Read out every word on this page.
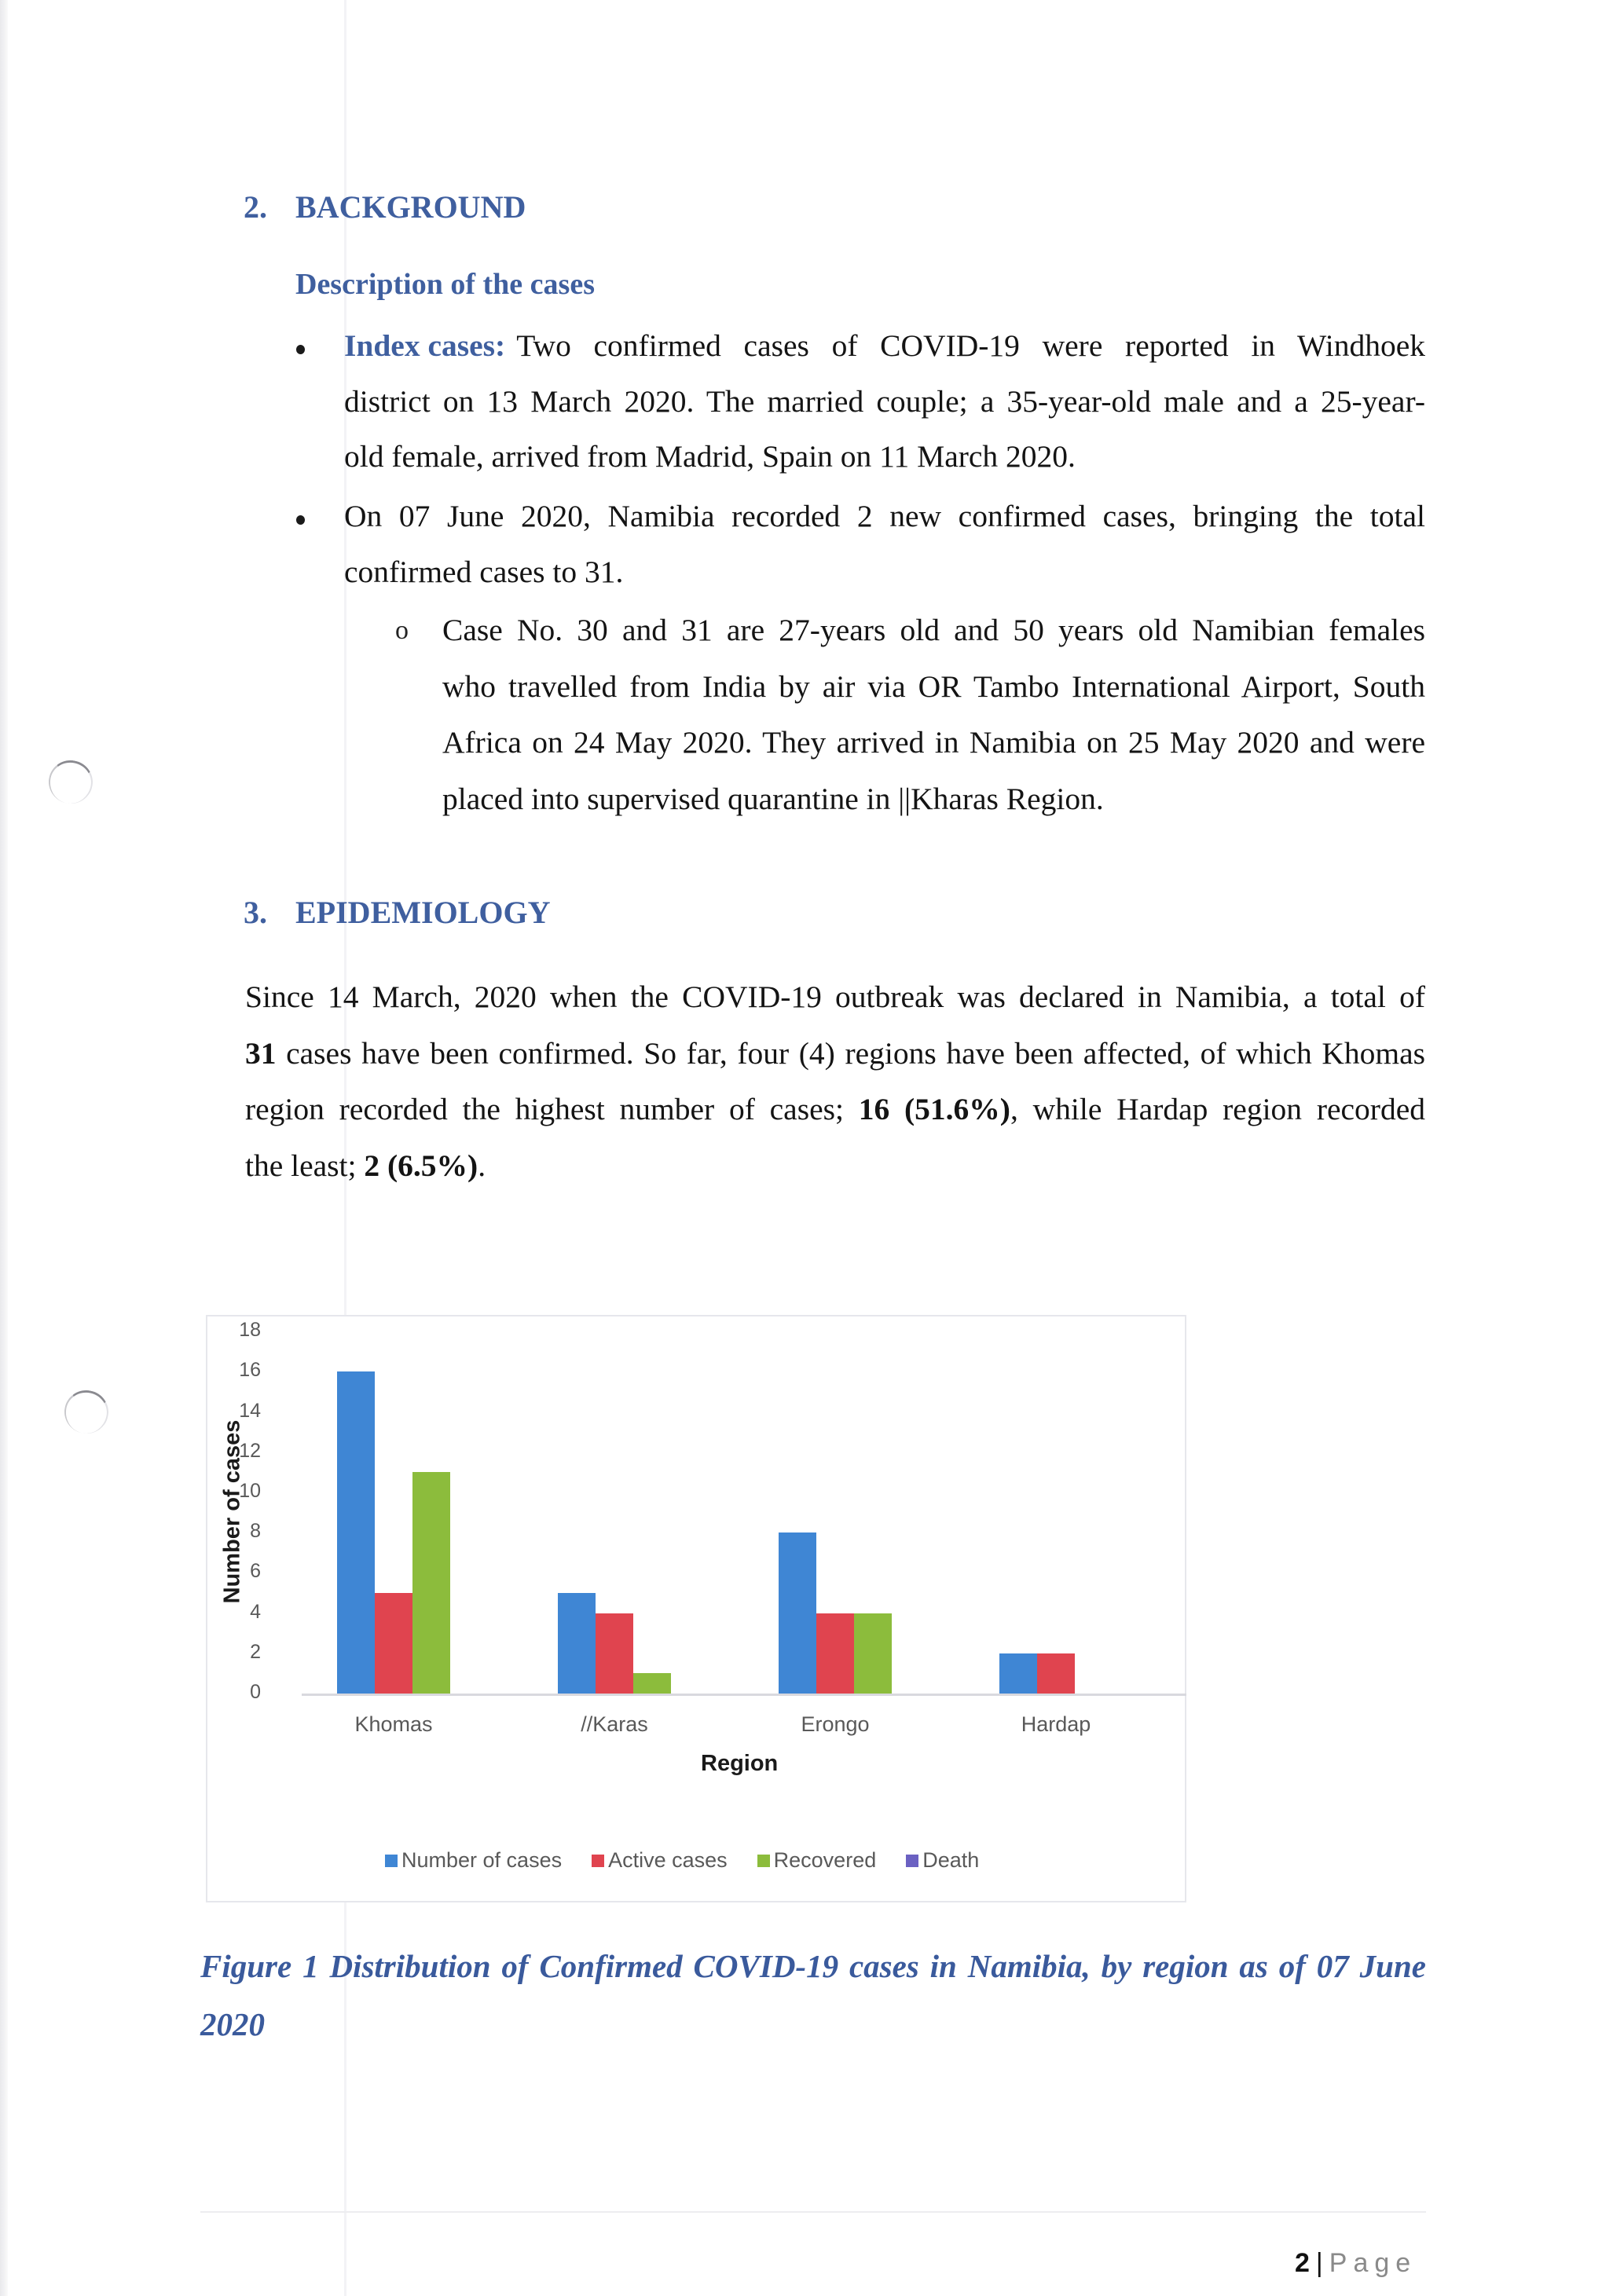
2. BACKGROUND
Description of the cases
Index cases: Two confirmed cases of COVID-19 were reported in Windhoek
district on 13 March 2020. The married couple; a 35-year-old male and a 25-year-
old female, arrived from Madrid, Spain on 11 March 2020.
On 07 June 2020, Namibia recorded 2 new confirmed cases, bringing the total
confirmed cases to 31.
o Case No. 30 and 31 are 27-years old and 50 years old Namibian females
who travelled from India by air via OR Tambo International Airport, South
Africa on 24 May 2020. They arrived in Namibia on 25 May 2020 and were
placed into supervised quarantine in ||Kharas Region.
3. EPIDEMIOLOGY
Since 14 March, 2020 when the COVID-19 outbreak was declared in Namibia, a total of
31 cases have been confirmed. So far, four (4) regions have been affected, of which Khomas
region recorded the highest number of cases; 16 (51.6%), while Hardap region recorded
the least; 2 (6.5%).
0
2
4
6
8
10
12
14
16
18
Number of cases
Khomas	//Karas	Erongo	Hardap
Region
Number of cases Active cases Recovered Death
Figure 1 Distribution of Confirmed COVID-19 cases in Namibia, by region as of 07 June
2020
2 | Page
